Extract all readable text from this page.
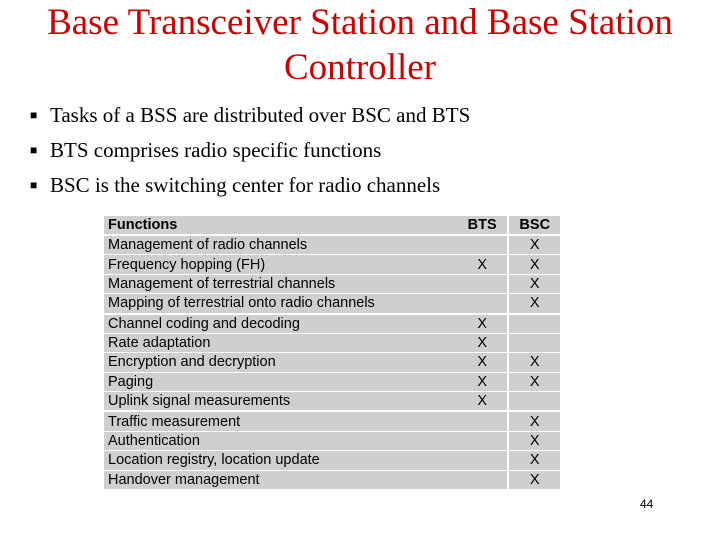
Base Transceiver Station and Base Station
Controller
■ Tasks of a BSS are distributed over BSC and BTS
■ BTS comprises radio specific functions
■ BSC is the switching center for radio channels
Functions	BTS	BSC
Management of radio channels		X
Frequency hopping (FH)	X	X
Management of terrestrial channels		X
Mapping of terrestrial onto radio channels		X
Channel coding and decoding	X	
Rate adaptation	X	
Encryption and decryption	X	X
Paging	X	X
Uplink signal measurements	X	
Traffic measurement		X
Authentication		X
Location registry, location update		X
Handover management		X
44
